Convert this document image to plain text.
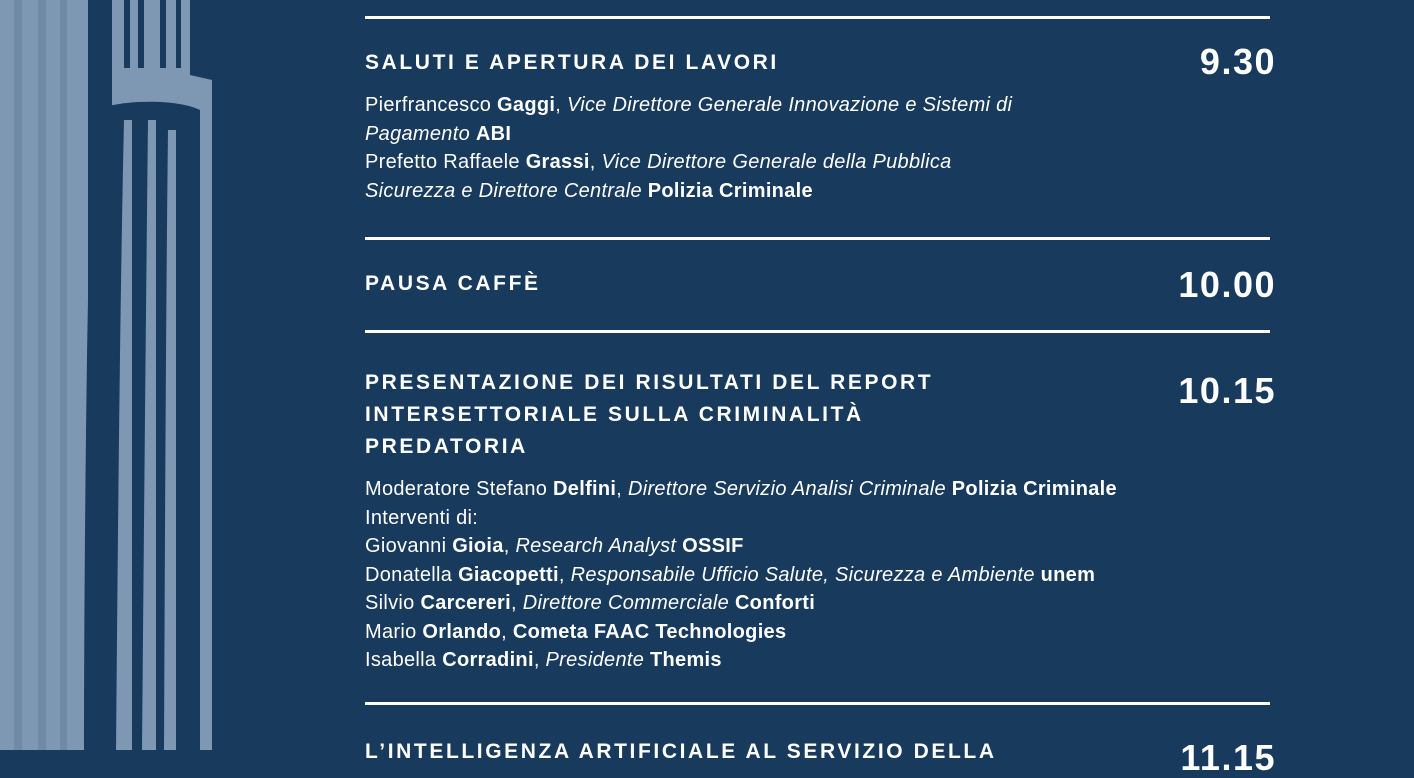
SALUTI E APERTURA DEI LAVORI	9.30
Pierfrancesco Gaggi, Vice Direttore Generale Innovazione e Sistemi di
Pagamento ABI
Prefetto Raffaele Grassi, Vice Direttore Generale della Pubblica
Sicurezza e Direttore Centrale Polizia Criminale
PAUSA CAFFÈ	10.00
PRESENTAZIONE DEI RISULTATI DEL REPORT
INTERSETTORIALE SULLA CRIMINALITÀ
PREDATORIA
10.15
Moderatore Stefano Delfini, Direttore Servizio Analisi Criminale Polizia Criminale
Interventi di:
Giovanni Gioia, Research Analyst OSSIF
Donatella Giacopetti, Responsabile Ufficio Salute, Sicurezza e Ambiente unem
Silvio Carcereri, Direttore Commerciale Conforti
Mario Orlando, Cometa FAAC Technologies
Isabella Corradini, Presidente Themis
L’INTELLIGENZA ARTIFICIALE AL SERVIZIO DELLA	11.15
